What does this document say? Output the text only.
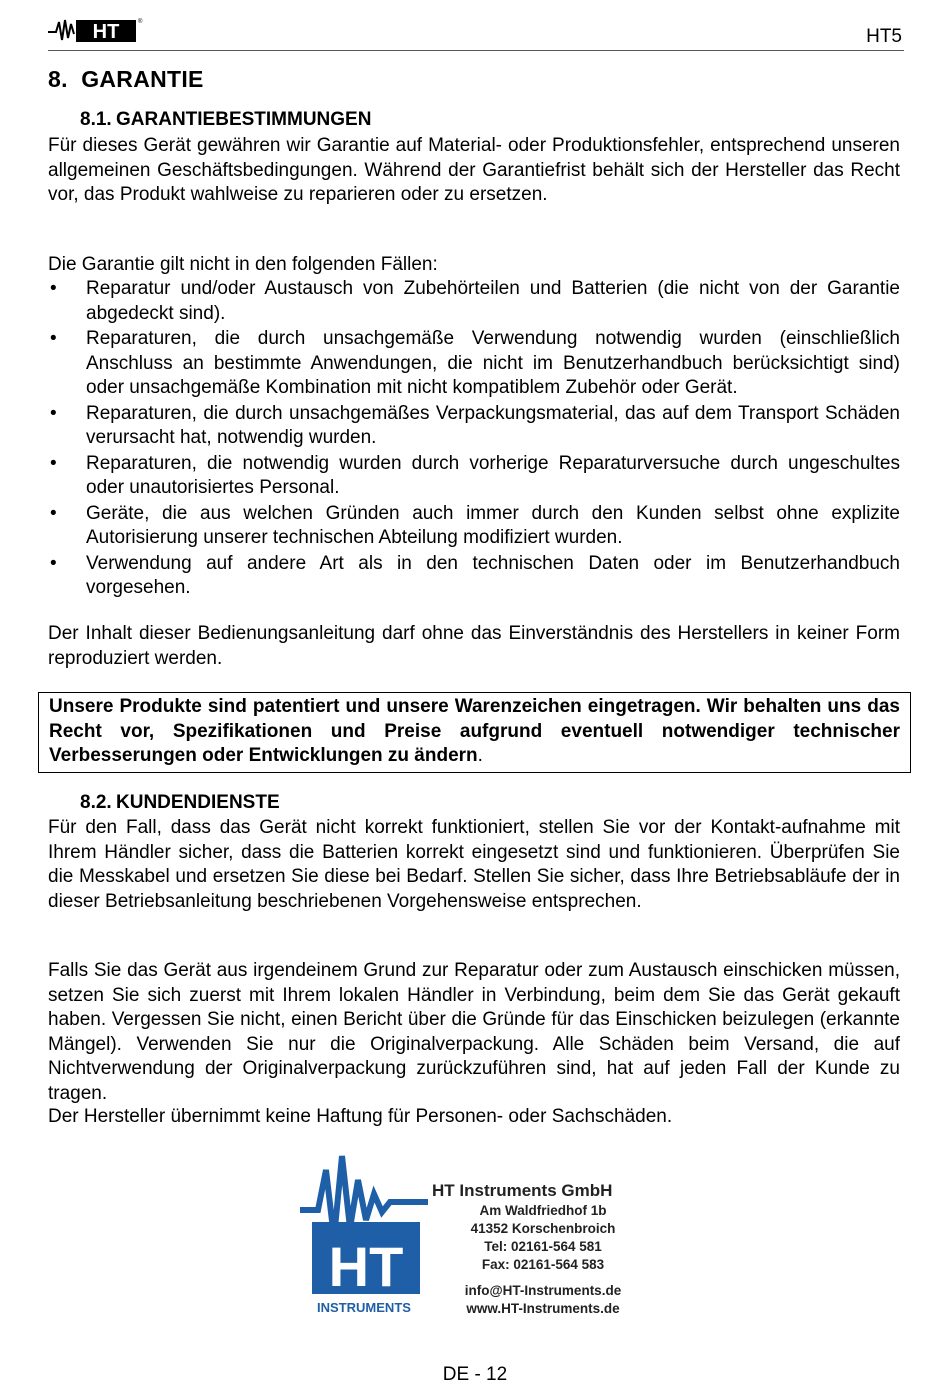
HT	®
HT5
8. GARANTIE
8.1. GARANTIEBESTIMMUNGEN

Für dieses Gerät gewähren wir Garantie auf Material- oder Produktionsfehler, entsprechend unseren allgemeinen Geschäftsbedingungen. Während der Garantiefrist behält sich der Hersteller das Recht vor, das Produkt wahlweise zu reparieren oder zu ersetzen.

Die Garantie gilt nicht in den folgenden Fällen:

• Reparatur und/oder Austausch von Zubehörteilen und Batterien (die nicht von der Garantie abgedeckt sind).
• Reparaturen, die durch unsachgemäße Verwendung notwendig wurden (einschließlich Anschluss an bestimmte Anwendungen, die nicht im Benutzerhandbuch berücksichtigt sind) oder unsachgemäße Kombination mit nicht kompatiblem Zubehör oder Gerät.
• Reparaturen, die durch unsachgemäßes Verpackungsmaterial, das auf dem Transport Schäden verursacht hat, notwendig wurden.
• Reparaturen, die notwendig wurden durch vorherige Reparaturversuche durch ungeschultes oder unautorisiertes Personal.
• Geräte, die aus welchen Gründen auch immer durch den Kunden selbst ohne explizite Autorisierung unserer technischen Abteilung modifiziert wurden.
• Verwendung auf andere Art als in den technischen Daten oder im Benutzerhandbuch vorgesehen.

Der Inhalt dieser Bedienungsanleitung darf ohne das Einverständnis des Herstellers in keiner Form reproduziert werden.

Unsere Produkte sind patentiert und unsere Warenzeichen eingetragen. Wir behalten uns das Recht vor, Spezifikationen und Preise aufgrund eventuell notwendiger technischer Verbesserungen oder Entwicklungen zu ändern.
8.2. KUNDENDIENSTE

Für den Fall, dass das Gerät nicht korrekt funktioniert, stellen Sie vor der Kontakt-aufnahme mit Ihrem Händler sicher, dass die Batterien korrekt eingesetzt sind und funktionieren. Überprüfen Sie die Messkabel und ersetzen Sie diese bei Bedarf. Stellen Sie sicher, dass Ihre Betriebsabläufe der in dieser Betriebsanleitung beschriebenen Vorgehensweise entsprechen.

Falls Sie das Gerät aus irgendeinem Grund zur Reparatur oder zum Austausch einschicken müssen, setzen Sie sich zuerst mit Ihrem lokalen Händler in Verbindung, beim dem Sie das Gerät gekauft haben. Vergessen Sie nicht, einen Bericht über die Gründe für das Einschicken beizulegen (erkannte Mängel). Verwenden Sie nur die Originalverpackung. Alle Schäden beim Versand, die auf Nichtverwendung der Originalverpackung zurückzuführen sind, hat auf jeden Fall der Kunde zu tragen.

Der Hersteller übernimmt keine Haftung für Personen- oder Sachschäden.

HT
INSTRUMENTS
HT Instruments GmbH
Am Waldfriedhof 1b
41352 Korschenbroich
Tel: 02161-564 581
Fax: 02161-564 583
info@HT-Instruments.de
www.HT-Instruments.de
DE - 12
